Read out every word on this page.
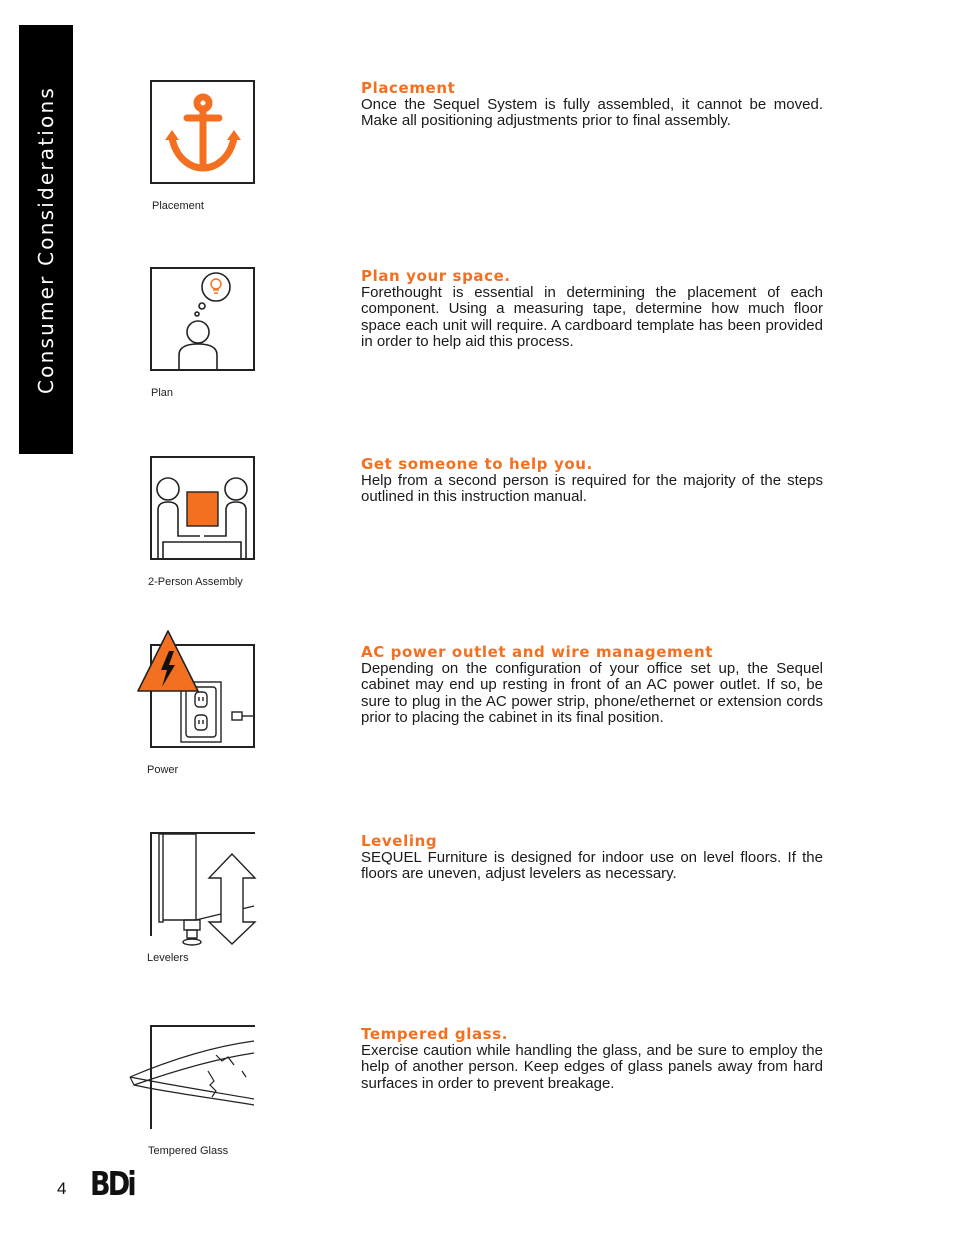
Consumer Considerations	Placement
Placement

Once the Sequel System is fully assembled, it cannot be moved. Make all positioning adjustments prior to final assembly.

Plan
Plan your space.

Forethought is essential in determining the placement of each component. Using a measuring tape, determine how much floor space each unit will require. A cardboard template has been provided in order to help aid this process.

2-Person Assembly
Get someone to help you.

Help from a second person is required for the majority of the steps outlined in this instruction manual.

Power
AC power outlet and wire management

Depending on the configuration of your office set up, the Sequel cabinet may end up resting in front of an AC power outlet. If so, be sure to plug in the AC power strip, phone/ethernet or extension cords prior to placing the cabinet in its final position.

Levelers
Leveling

SEQUEL Furniture is designed for indoor use on level floors. If the floors are uneven, adjust levelers as necessary.

Tempered Glass
Tempered glass.

Exercise caution while handling the glass, and be sure to employ the help of another person. Keep edges of glass panels away from hard surfaces in order to prevent breakage.

4 BDi
